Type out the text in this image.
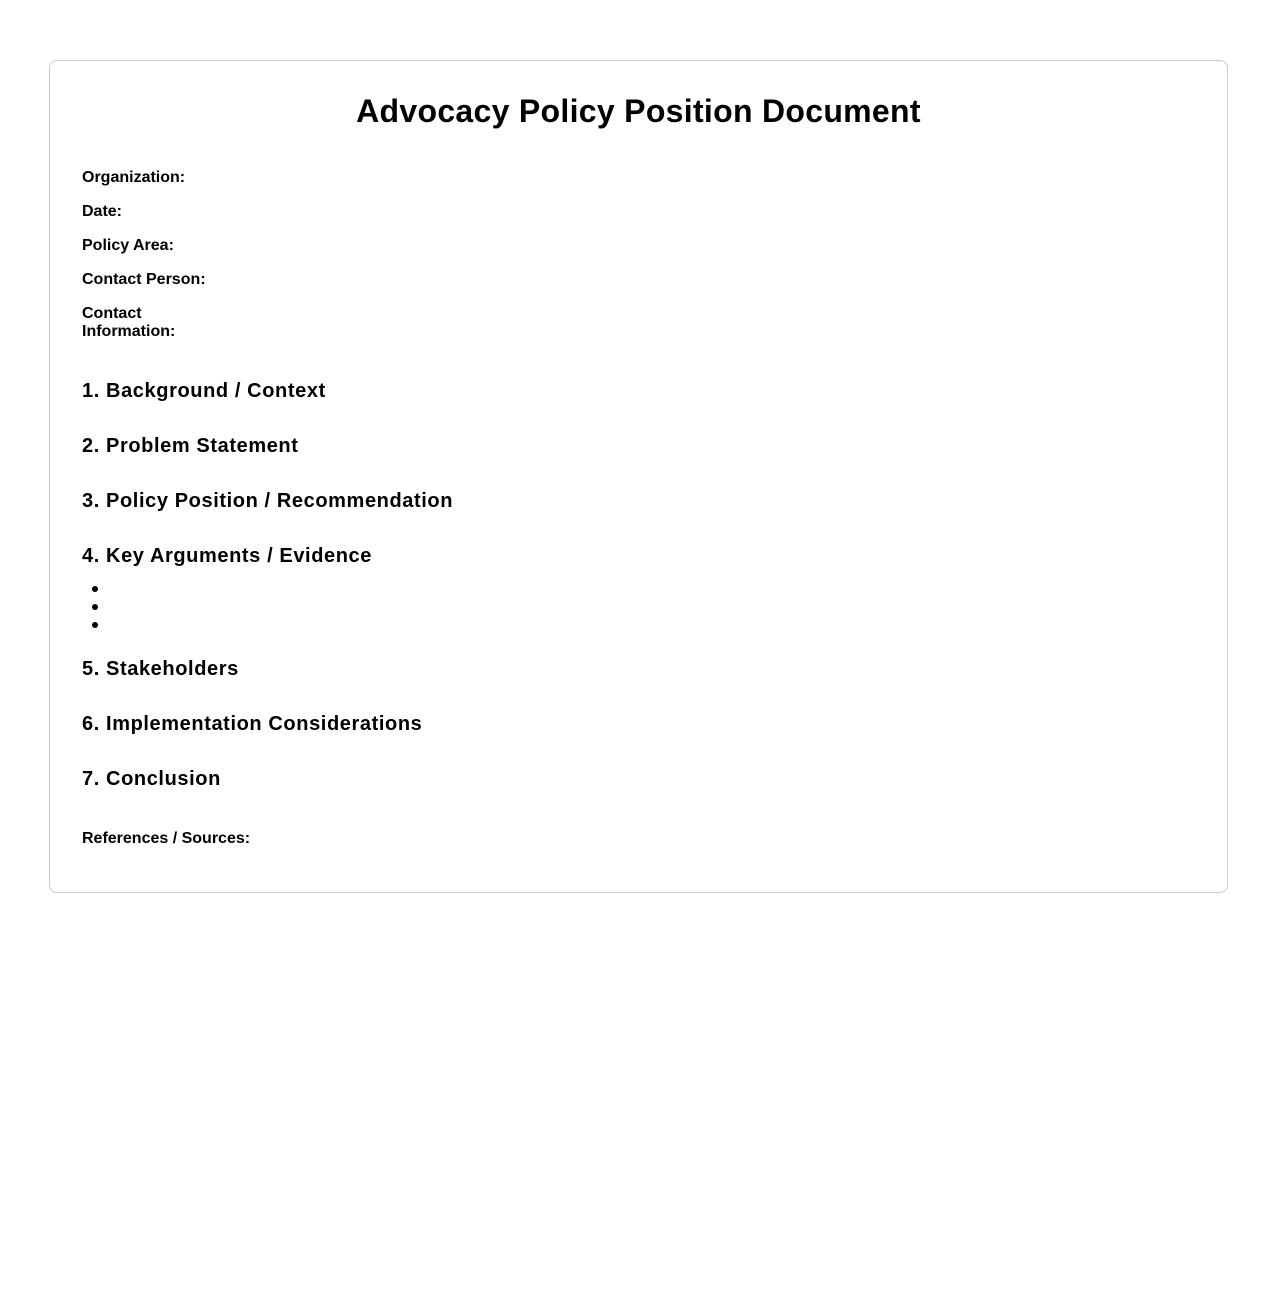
Advocacy Policy Position Document
Organization:
Date:
Policy Area:
Contact Person:
Contact Information:
1. Background / Context
2. Problem Statement
3. Policy Position / Recommendation
4. Key Arguments / Evidence
5. Stakeholders
6. Implementation Considerations
7. Conclusion
References / Sources:
